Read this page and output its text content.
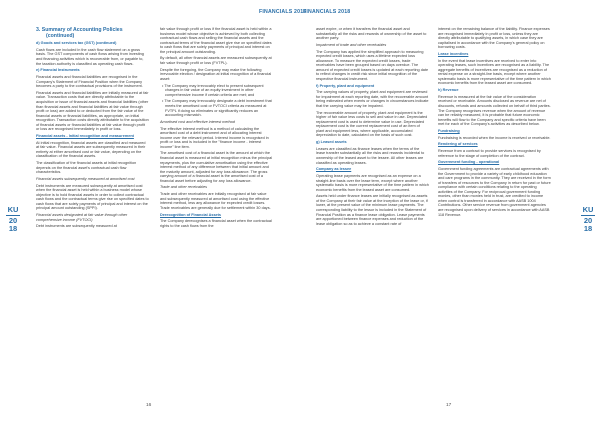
FINANCIALS 2018
FINANCIALS 2018
KU
20
18
KU
20
18

3. Summary of Accounting Policies
(continued)

d) Goods and services tax (GST) (continued)

Cash flows are included in the cash flow statement on a gross basis. The GST components of cash flows arising from investing and financing activities which is recoverable from, or payable to, the taxation authority is classified as operating cash flows.

e) Financial Instruments

Financial assets and financial liabilities are recognised in the Company's Statement of Financial Position when the Company becomes a party to the contractual provisions of the instrument.

Financial assets and financial liabilities are initially measured at fair value. Transaction costs that are directly attributable to the acquisition or issue of financial assets and financial liabilities (other than financial assets and financial liabilities at fair value through profit or loss) are added to or deducted from the fair value of the financial assets or financial liabilities, as appropriate, on initial recognition. Transaction costs directly attributable to the acquisition of financial assets or financial liabilities at fair value through profit or loss are recognised immediately in profit or loss.

Financial assets - Initial recognition and measurement

At initial recognition, financial assets are classified and measured at fair value. Financial assets are subsequently measured in their entirety at either amortised cost or fair value, depending on the classification of the financial assets.

The classification of the financial assets at initial recognition depends on the financial asset's contractual cash flow characteristics.

Financial assets subsequently measured at amortised cost

Debt instruments are measured subsequently at amortised cost when the financial asset is held within a business model whose objective is to hold financial assets in order to collect contractual cash flows and the contractual terms give rise on specified dates to cash flows that are solely payments of principal and interest on the principal amount outstanding (SPPI).

Financial assets designated at fair value through other comprehensive income (FVTOCI)

Debt instruments are subsequently measured at

fair value through profit or loss if the financial asset is held within a business model whose objective is achieved by both collecting contractual cash flows and selling the financial assets and the contractual terms of the financial asset give rise on specified dates to cash flows that are solely payments of principal and interest on the principal amount outstanding.

By default, all other financial assets are measured subsequently at fair value through profit or loss (FVTPL).

Despite the foregoing, the Company may make the following irrevocable election / designation at initial recognition of a financial asset:

• The Company may irrevocably elect to present subsequent changes in fair value of an equity investment in other comprehensive income if certain criteria are met; and

• The Company may irrevocably designate a debt investment that meets the amortised cost or FVTOCI criteria as measured at FVTPL if doing so eliminates or significantly reduces an accounting mismatch.

Amortised cost and effective interest method

The effective interest method is a method of calculating the amortised cost of a debt instrument and of allocating interest income over the relevant period. Interest income is recognised in profit or loss and is included in the "finance income - interest income" line item.

The amortised cost of a financial asset is the amount at which the financial asset is measured at initial recognition minus the principal repayments, plus the cumulative amortisation using the effective interest method of any difference between that initial amount and the maturity amount, adjusted for any loss allowance. The gross carrying amount of a financial asset is the amortised cost of a financial asset before adjusting for any loss allowance.

Trade and other receivables

Trade and other receivables are initially recognised at fair value and subsequently measured at amortised cost using the effective interest method, less any allowance for expected credit losses. Trade receivables are generally due for settlement within 30 days.

Derecognition of Financial Assets

The Company derecognises a financial asset when the contractual rights to the cash flows from the

asset expire, or when it transfers the financial asset and substantially all the risks and rewards of ownership of the asset to another party.

Impairment of trade and other receivables

The Company has applied the simplified approach to measuring expected credit losses, which uses a lifetime expected loss allowance. To measure the expected credit losses, trade receivables have been grouped based on days overdue. The amount of expected credit losses is updated at each reporting date to reflect changes in credit risk since initial recognition of the respective financial instrument.

f) Property, plant and equipment

The carrying values of property, plant and equipment are reviewed for impairment at each reporting date, with the recoverable amount being estimated when events or changes in circumstances indicate that the carrying value may be impaired.

The recoverable amount of property, plant and equipment is the higher of fair value less costs to sell and value in use. Depreciated replacement cost is used to determine value in use. Depreciated replacement cost is the current replacement cost of an item of plant and equipment less, where applicable, accumulated depreciation to date, calculated on the basis of such cost.

g) Leased assets

Leases are classified as finance leases when the terms of the lease transfer substantially all the risks and rewards incidental to ownership of the leased asset to the lessee. All other leases are classified as operating leases.

Company as lessee

Operating lease payments are recognised as an expense on a straight-line basis over the lease term, except where another systematic basis is more representative of the time pattern in which economic benefits from the leased asset are consumed.

Assets held under finance leases are initially recognised as assets of the Company at their fair value at the inception of the lease or, if lower, at the present value of the minimum lease payments. The corresponding liability to the lessor is included in the Statement of Financial Position as a finance lease obligation. Lease payments are apportioned between finance expenses and reduction of the lease obligation so as to achieve a constant rate of

interest on the remaining balance of the liability. Finance expenses are recognised immediately in profit or loss, unless they are directly attributable to qualifying assets, in which case they are capitalised in accordance with the Company's general policy on borrowing costs.

Lease incentives

In the event that lease incentives are received to enter into operating leases, such incentives are recognised as a liability. The aggregate benefits of incentives are recognised as a reduction of rental expense on a straight-line basis, except where another systematic basis is more representative of the time pattern in which economic benefits from the leased asset are consumed.

h) Revenue

Revenue is measured at the fair value of the consideration received or receivable. Amounts disclosed as revenue are net of discounts, refunds and amounts collected on behalf of third parties. The Company recognises revenue when the amount of revenue can be reliably measured, it is probable that future economic benefits will flow to the Company and specific criteria have been met for each of the Company's activities as described below.

Fundraising

Fundraising is recorded when the income is received or receivable.

Rendering of services

Revenue from a contract to provide services is recognised by reference to the stage of completion of the contract.

Government funding - operational

Government funding agreements are contractual agreements with the Government to provide a variety of early childhood education and care programs in the community. They are received in the form of transfers of resources to the Company in return for past or future compliance with certain conditions relating to the operating activities of the Company. For reciprocal government funding monies, other than monies held in trust, are credited to income when control is transferred in accordance with AASB 1004 Contributions. Other service revenue from government agencies are recognised upon delivery of services in accordance with AASB 118 Revenue.

16	17
